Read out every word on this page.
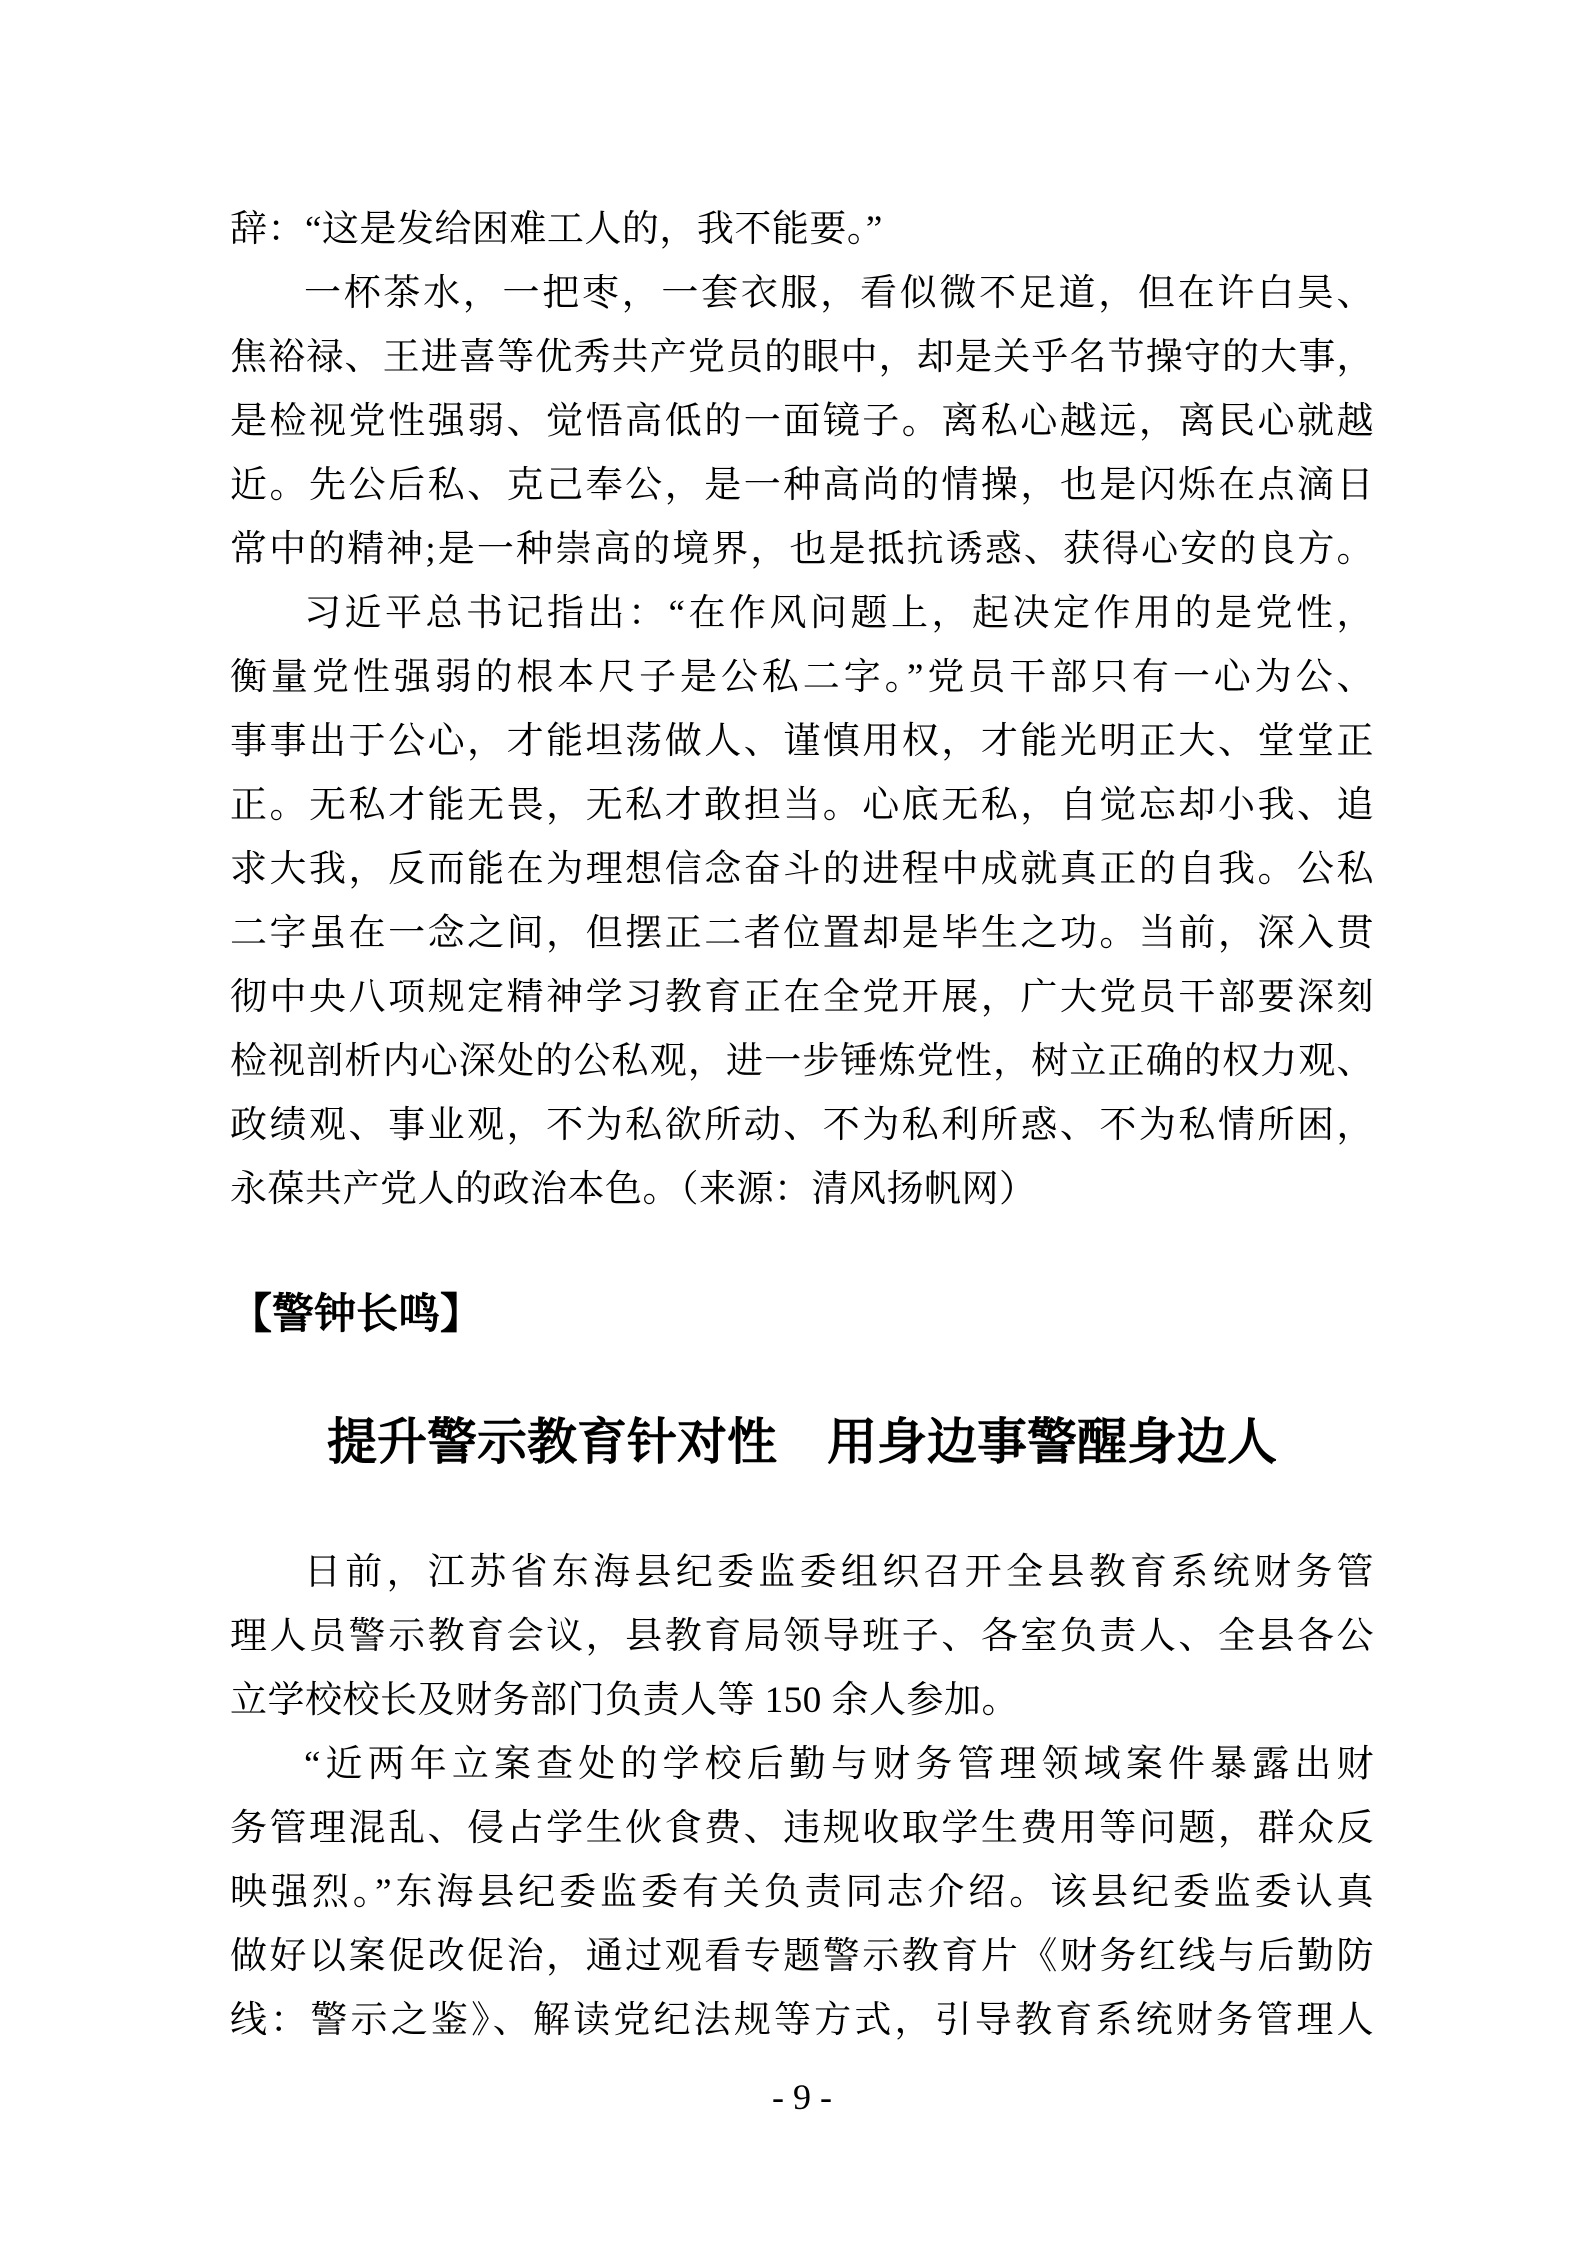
辞：“这是发给困难工人的，我不能要。”
一杯茶水，一把枣，一套衣服，看似微不足道，但在许白昊、
焦裕禄、王进喜等优秀共产党员的眼中，却是关乎名节操守的大事，
是检视党性强弱、觉悟高低的一面镜子。离私心越远，离民心就越
近。先公后私、克己奉公，是一种高尚的情操，也是闪烁在点滴日
常中的精神;是一种崇高的境界，也是抵抗诱惑、获得心安的良方。
习近平总书记指出：“在作风问题上，起决定作用的是党性，
衡量党性强弱的根本尺子是公私二字。”党员干部只有一心为公、
事事出于公心，才能坦荡做人、谨慎用权，才能光明正大、堂堂正
正。无私才能无畏，无私才敢担当。心底无私，自觉忘却小我、追
求大我，反而能在为理想信念奋斗的进程中成就真正的自我。公私
二字虽在一念之间，但摆正二者位置却是毕生之功。当前，深入贯
彻中央八项规定精神学习教育正在全党开展，广大党员干部要深刻
检视剖析内心深处的公私观，进一步锤炼党性，树立正确的权力观、
政绩观、事业观，不为私欲所动、不为私利所惑、不为私情所困，
永葆共产党人的政治本色。（来源：清风扬帆网）
【警钟长鸣】
提升警示教育针对性　用身边事警醒身边人
日前，江苏省东海县纪委监委组织召开全县教育系统财务管
理人员警示教育会议，县教育局领导班子、各室负责人、全县各公
立学校校长及财务部门负责人等 150 余人参加。
“近两年立案查处的学校后勤与财务管理领域案件暴露出财
务管理混乱、侵占学生伙食费、违规收取学生费用等问题，群众反
映强烈。”东海县纪委监委有关负责同志介绍。该县纪委监委认真
做好以案促改促治，通过观看专题警示教育片《财务红线与后勤防
线：警示之鉴》、解读党纪法规等方式，引导教育系统财务管理人
- 9 -
